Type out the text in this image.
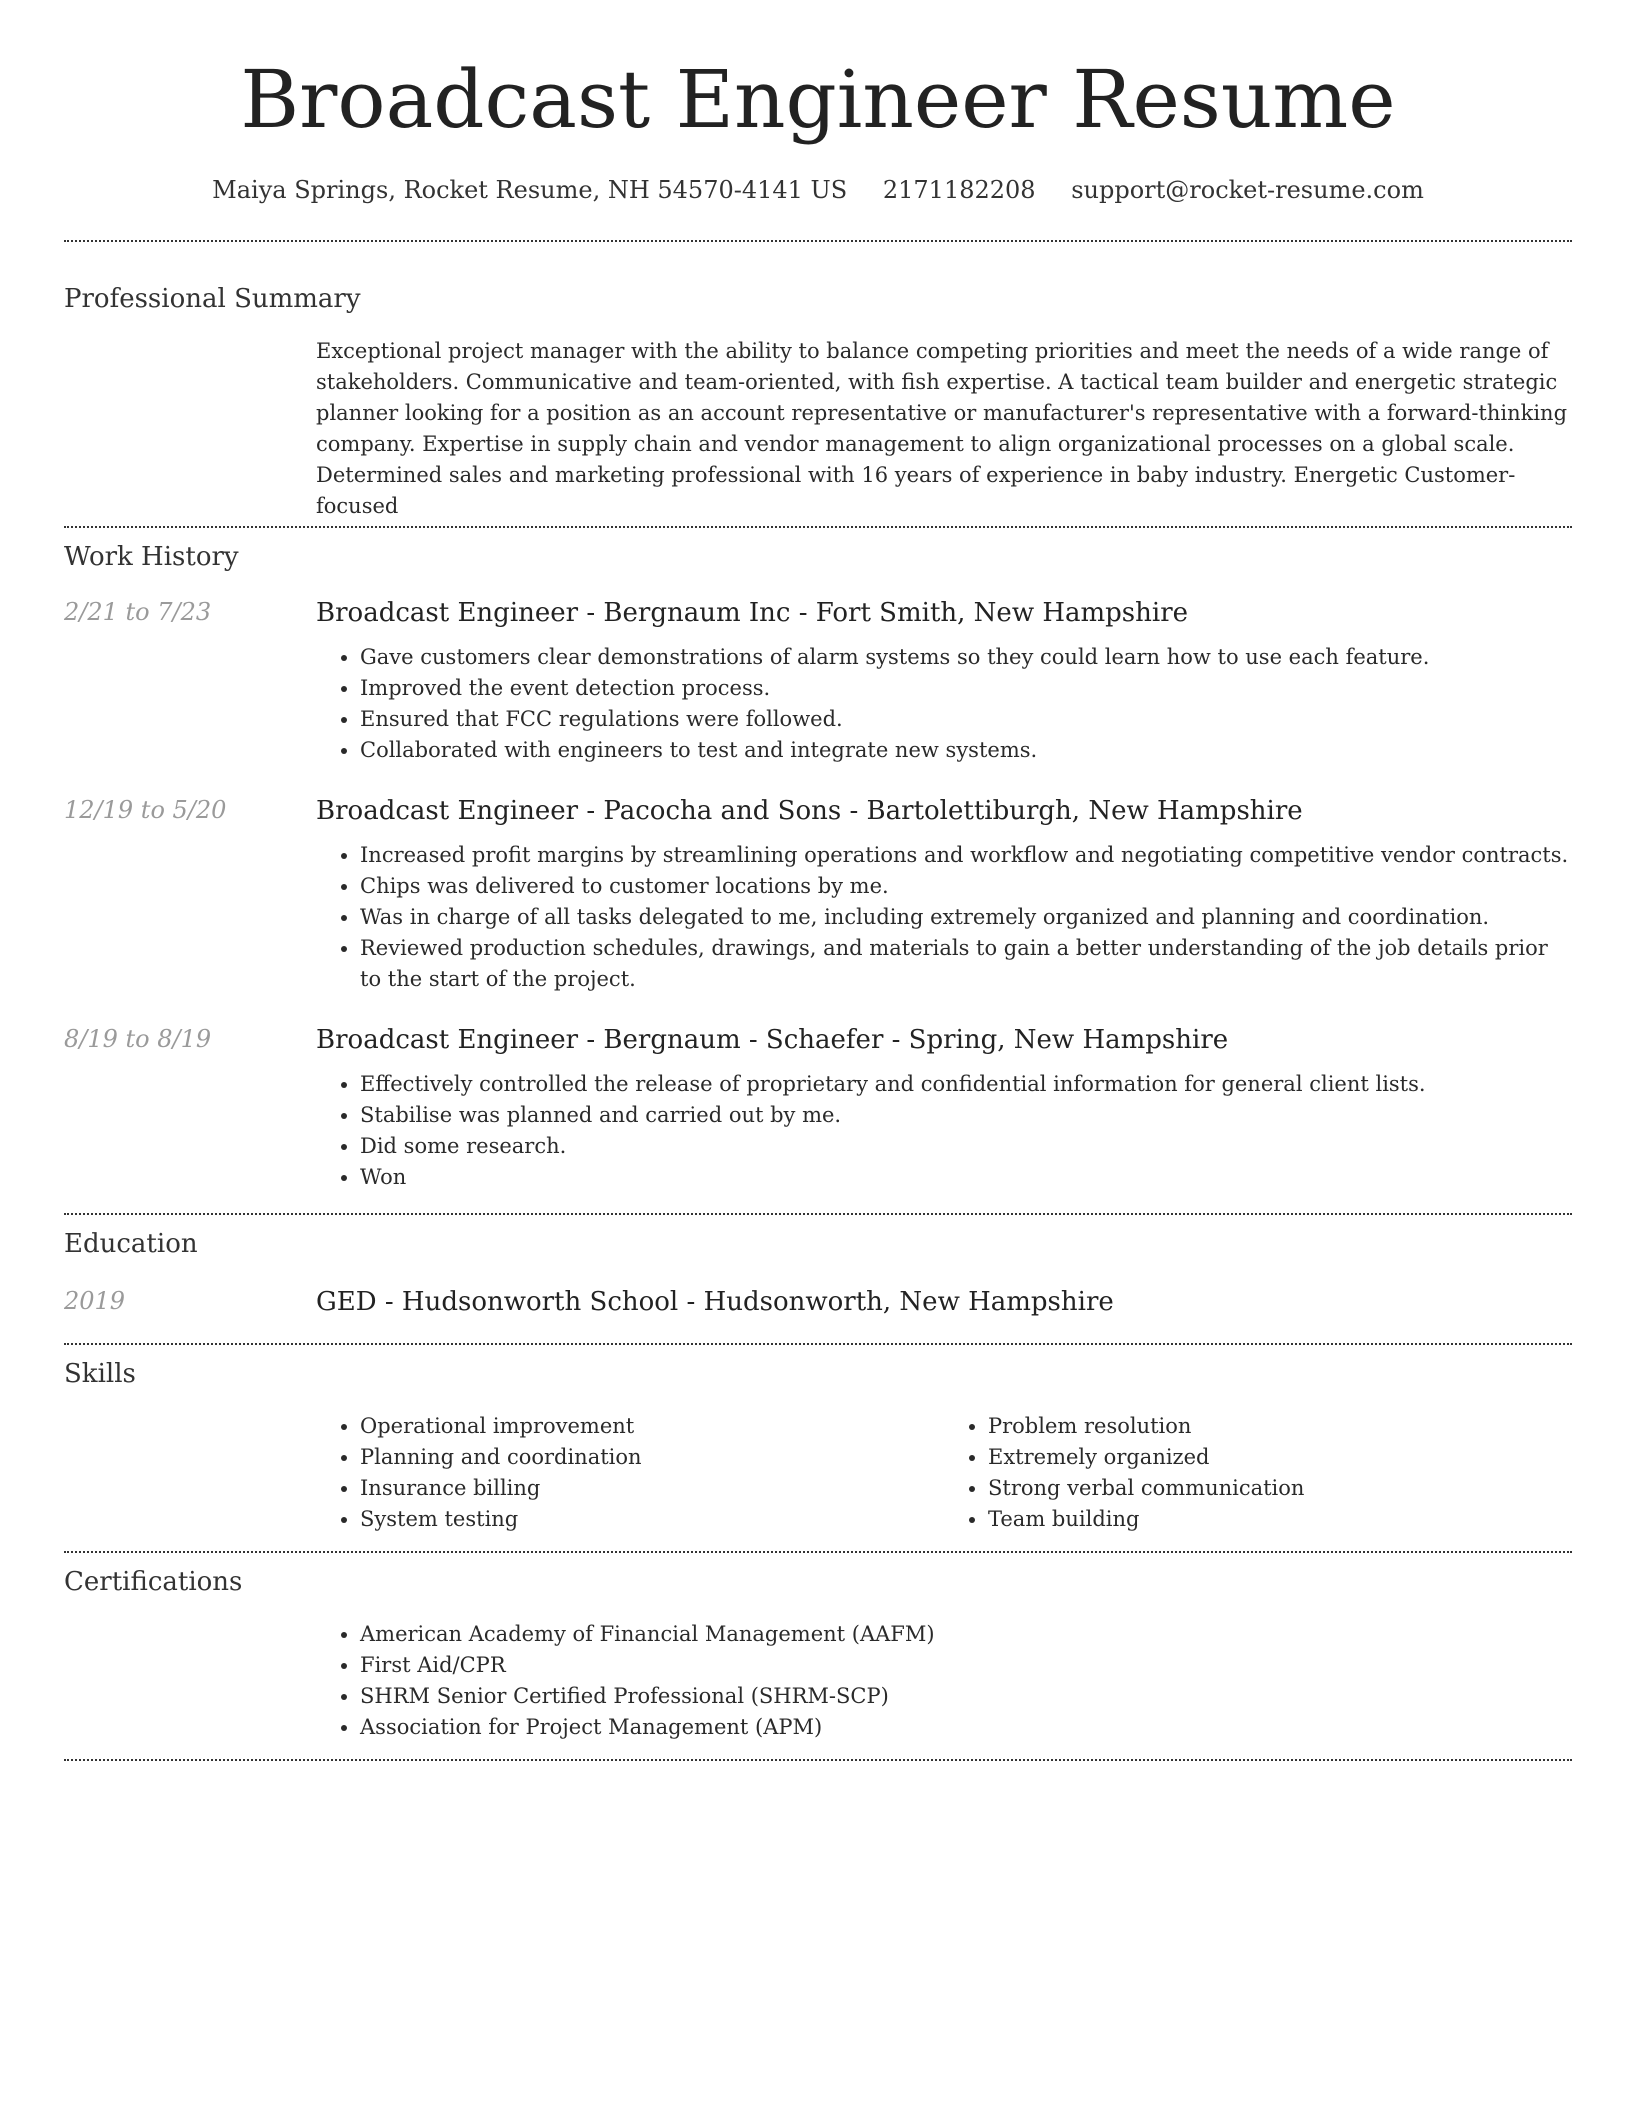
Broadcast Engineer Resume
Maiya Springs, Rocket Resume, NH 54570-4141 US 2171182208 support@rocket-resume.com
Professional Summary
Exceptional project manager with the ability to balance competing priorities and meet the needs of a wide range of stakeholders. Communicative and team-oriented, with fish expertise. A tactical team builder and energetic strategic planner looking for a position as an account representative or manufacturer's representative with a forward-thinking company. Expertise in supply chain and vendor management to align organizational processes on a global scale. Determined sales and marketing professional with 16 years of experience in baby industry. Energetic Customer-focused
Work History
2/21 to 7/23	Broadcast Engineer - Bergnaum Inc - Fort Smith, New Hampshire
• Gave customers clear demonstrations of alarm systems so they could learn how to use each feature.
• Improved the event detection process.
• Ensured that FCC regulations were followed.
• Collaborated with engineers to test and integrate new systems.
12/19 to 5/20	Broadcast Engineer - Pacocha and Sons - Bartolettiburgh, New Hampshire
• Increased profit margins by streamlining operations and workflow and negotiating competitive vendor contracts.
• Chips was delivered to customer locations by me.
• Was in charge of all tasks delegated to me, including extremely organized and planning and coordination.
• Reviewed production schedules, drawings, and materials to gain a better understanding of the job details prior to the start of the project.
8/19 to 8/19	Broadcast Engineer - Bergnaum - Schaefer - Spring, New Hampshire
• Effectively controlled the release of proprietary and confidential information for general client lists.
• Stabilise was planned and carried out by me.
• Did some research.
• Won
Education
2019	GED - Hudsonworth School - Hudsonworth, New Hampshire
Skills
• Operational improvement
• Planning and coordination
• Insurance billing
• System testing
• Problem resolution
• Extremely organized
• Strong verbal communication
• Team building
Certifications
• American Academy of Financial Management (AAFM)
• First Aid/CPR
• SHRM Senior Certified Professional (SHRM-SCP)
• Association for Project Management (APM)
